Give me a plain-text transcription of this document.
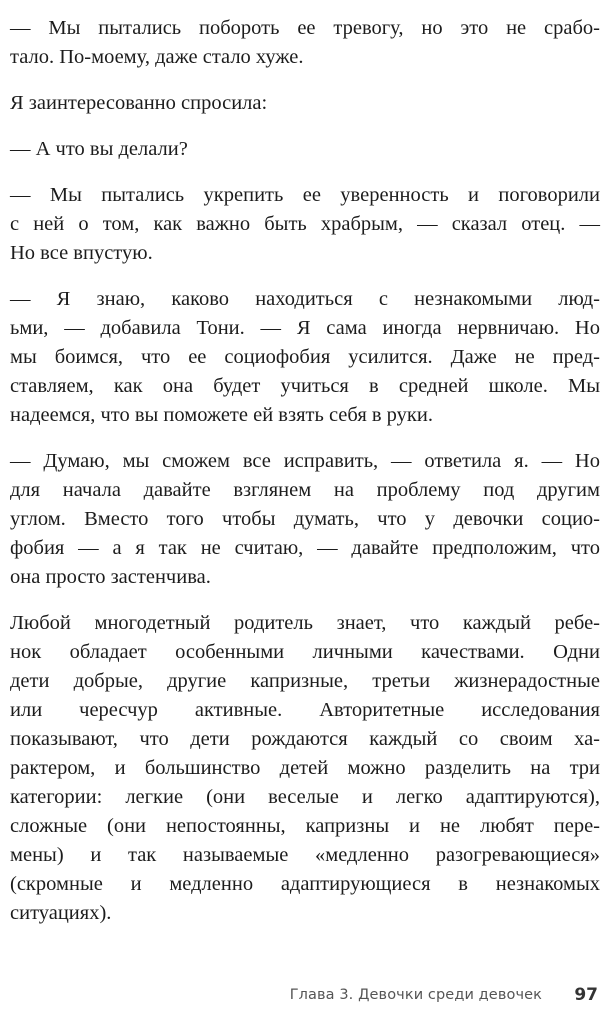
— Мы пытались побороть ее тревогу, но это не срабо-
тало. По-моему, даже стало хуже.
Я заинтересованно спросила:
— А что вы делали?
— Мы пытались укрепить ее уверенность и поговорили
с ней о том, как важно быть храбрым, — сказал отец. —
Но все впустую.
— Я знаю, каково находиться с незнакомыми люд-
ьми, — добавила Тони. — Я сама иногда нервничаю. Но
мы боимся, что ее социофобия усилится. Даже не пред-
ставляем, как она будет учиться в средней школе. Мы
надеемся, что вы поможете ей взять себя в руки.
— Думаю, мы сможем все исправить, — ответила я. — Но
для начала давайте взглянем на проблему под другим
углом. Вместо того чтобы думать, что у девочки социо-
фобия — а я так не считаю, — давайте предположим, что
она просто застенчива.
Любой многодетный родитель знает, что каждый ребе-
нок обладает особенными личными качествами. Одни
дети добрые, другие капризные, третьи жизнерадостные
или чересчур активные. Авторитетные исследования
показывают, что дети рождаются каждый со своим ха-
рактером, и большинство детей можно разделить на три
категории: легкие (они веселые и легко адаптируются),
сложные (они непостоянны, капризны и не любят пере-
мены) и так называемые «медленно разогревающиеся»
(скромные и медленно адаптирующиеся в незнакомых
ситуациях).
Глава 3. Девочки среди девочек 97
